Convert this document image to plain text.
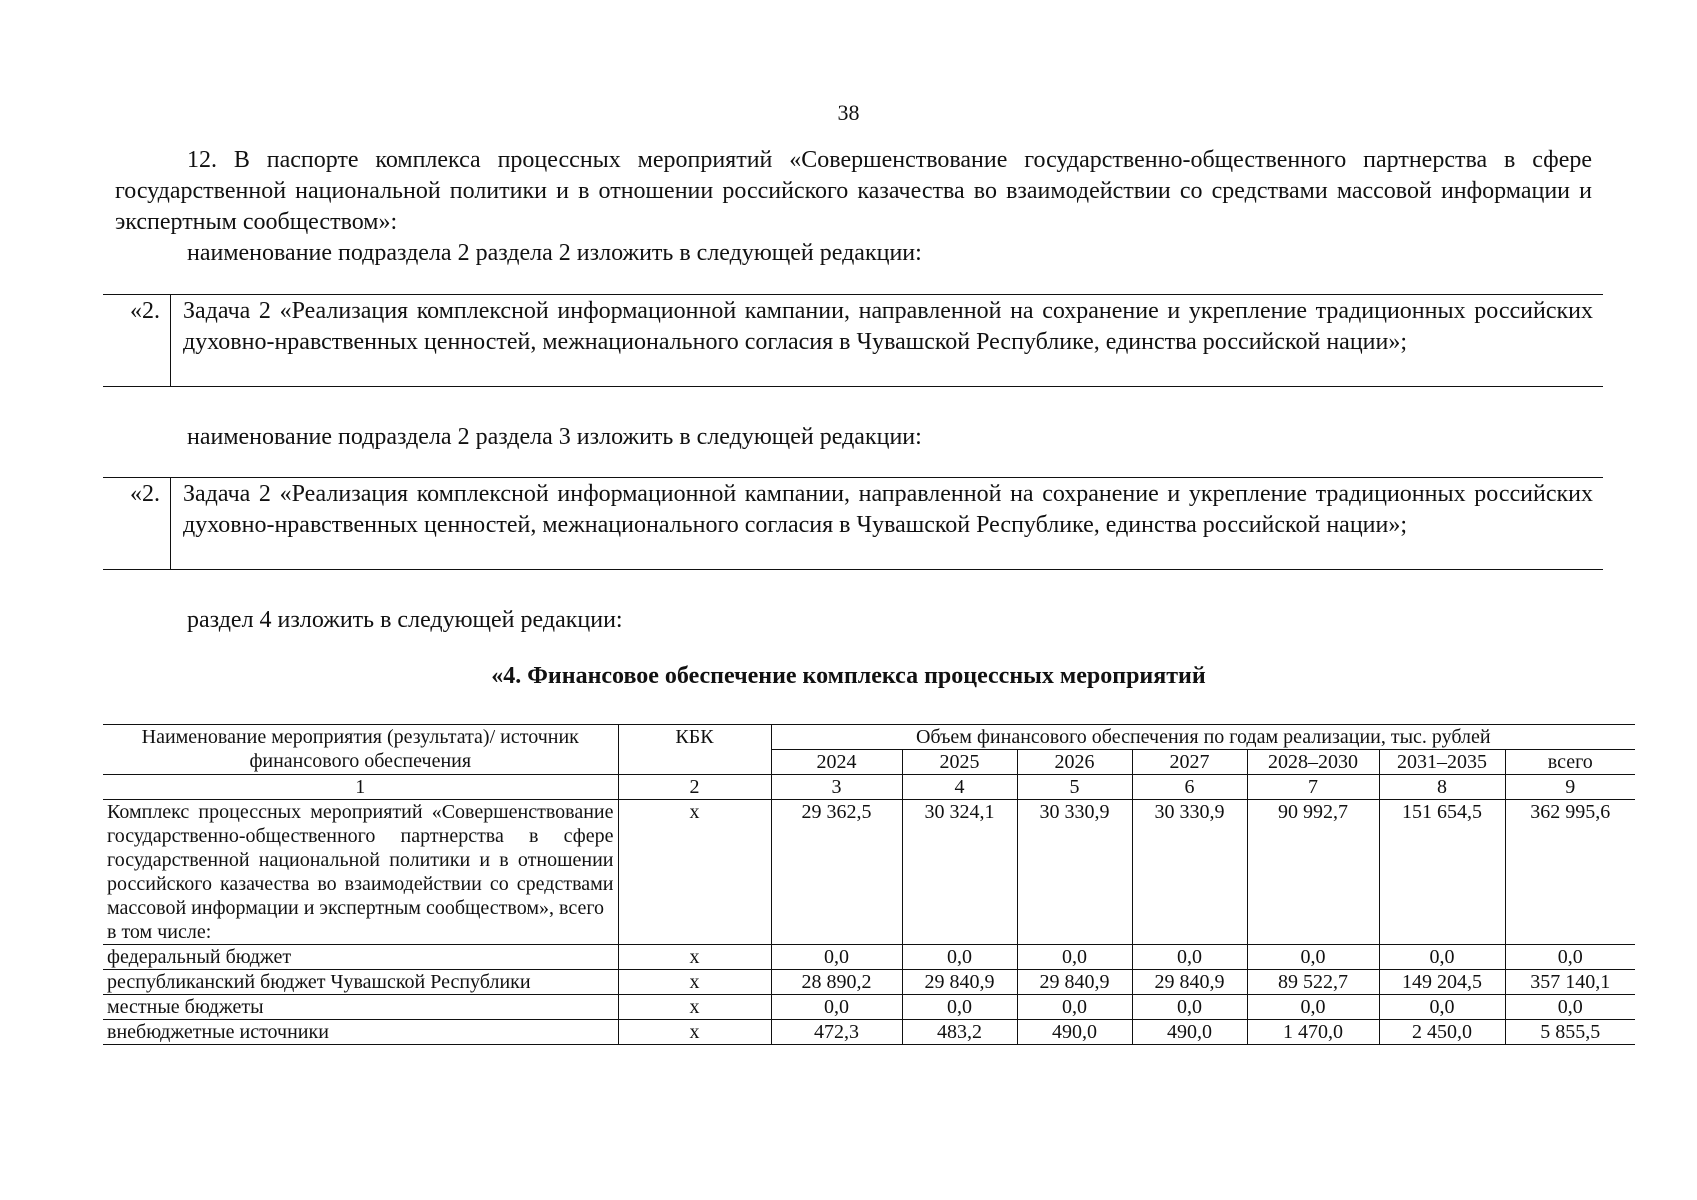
38

12. В паспорте комплекса процессных мероприятий «Совершенствование государственно-общественного партнерства в сфере государственной национальной политики и в отношении российского казачества во взаимодействии со средствами массовой информации и экспертным сообществом»:

наименование подраздела 2 раздела 2 изложить в следующей редакции:

«2. Задача 2 «Реализация комплексной информационной кампании, направленной на сохранение и укрепление традиционных российских духовно-нравственных ценностей, межнационального согласия в Чувашской Республике, единства российской нации»;

наименование подраздела 2 раздела 3 изложить в следующей редакции:

«2. Задача 2 «Реализация комплексной информационной кампании, направленной на сохранение и укрепление традиционных российских духовно-нравственных ценностей, межнационального согласия в Чувашской Республике, единства российской нации»;

раздел 4 изложить в следующей редакции:

«4. Финансовое обеспечение комплекса процессных мероприятий

Наименование мероприятия (результата)/ источник финансового обеспечения	КБК	Объем финансового обеспечения по годам реализации, тыс. рублей						
		2024	2025	2026	2027	2028–2030	2031–2035	всего
1	2	3	4	5	6	7	8	9

Комплекс процессных мероприятий «Совершенствование государственно-общественного партнерства в сфере государственной национальной политики и в отношении российского казачества во взаимодействии со средствами массовой информации и экспертным сообществом», всего
в том числе:	x	29 362,5	30 324,1	30 330,9	30 330,9	90 992,7	151 654,5	362 995,6
федеральный бюджет	x	0,0	0,0	0,0	0,0	0,0	0,0	0,0
республиканский бюджет Чувашской Республики	x	28 890,2	29 840,9	29 840,9	29 840,9	89 522,7	149 204,5	357 140,1
местные бюджеты	x	0,0	0,0	0,0	0,0	0,0	0,0	0,0
внебюджетные источники	x	472,3	483,2	490,0	490,0	1 470,0	2 450,0	5 855,5
